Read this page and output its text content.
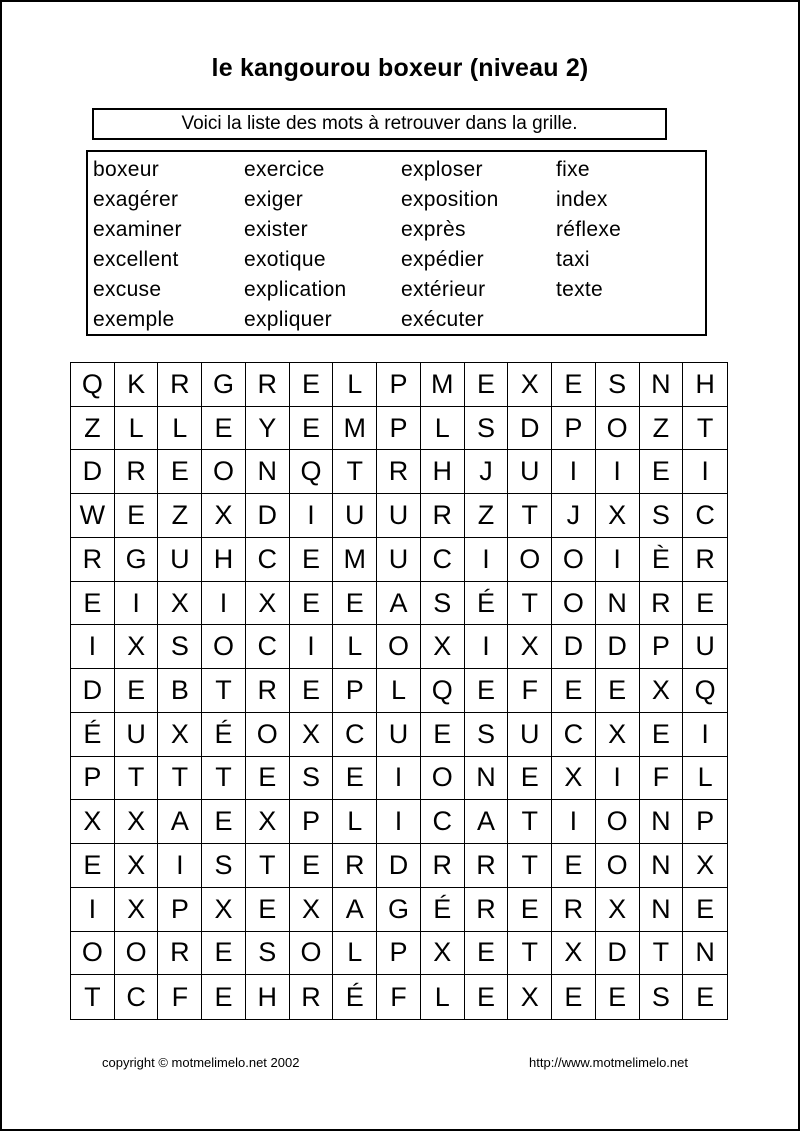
le kangourou boxeur (niveau 2)
Voici la liste des mots à retrouver dans la grille.
boxeur	exercice	exploser	fixe
exagérer	exiger	exposition	index
examiner	exister	exprès	réflexe
excellent	exotique	expédier	taxi
excuse	explication	extérieur	texte
exemple	expliquer	exécuter
Q K R G R E	L	P M E X E S N H
Z	L	L	E Y E M P	L	S D P O Z	T
D R E O N Q T R H	J	U	I	I	E	I
W E Z X D	I	U U R Z	T	J	X S C
R G U H C E M U C	I	O O	I	È R
E	I	X	I	X E E A S É T O N R E
I	X S O C	I	L O X	I	X D D P U
D E B T R E P	L Q E F E E X Q
É U X É O X C U E S U C X E	I
P T	T	T E S E	I	O N E X	I	F	L
X X A E X P	L	I	C A T	I	O N P
E X	I	S T E R D R R T E O N X
I	X P X E X A G É R E R X N E
O O R E S O L	P X E T X D T N
T C F E H R É F	L	E X E E S E
copyright © motmelimelo.net 2002	http://www.motmelimelo.net
